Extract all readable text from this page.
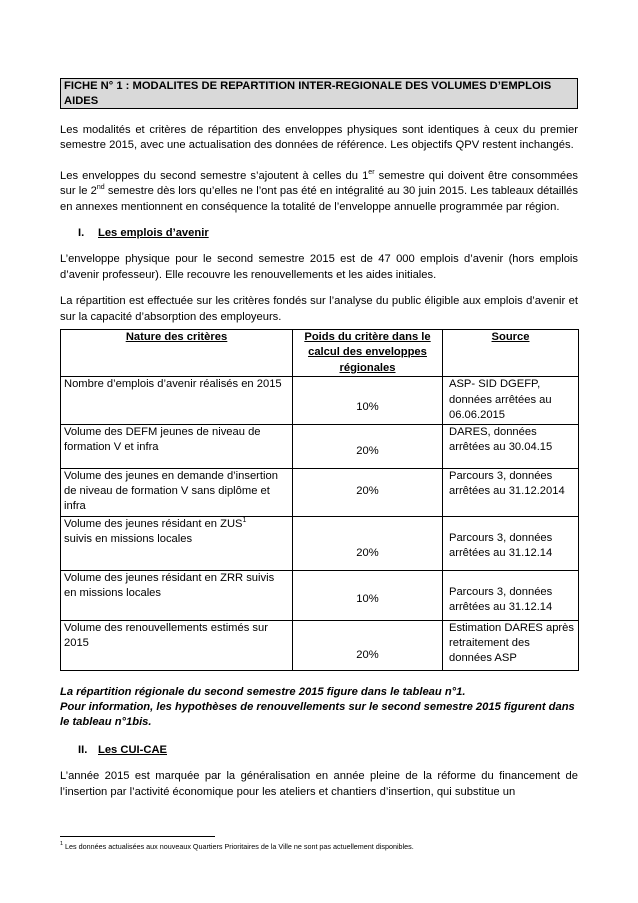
FICHE N° 1 : MODALITES DE REPARTITION INTER-REGIONALE DES VOLUMES D’EMPLOIS AIDES

Les modalités et critères de répartition des enveloppes physiques sont identiques à ceux du premier semestre 2015, avec une actualisation des données de référence. Les objectifs QPV restent inchangés.

Les enveloppes du second semestre s’ajoutent à celles du 1er semestre qui doivent être consommées sur le 2nd semestre dès lors qu’elles ne l’ont pas été en intégralité au 30 juin 2015. Les tableaux détaillés en annexes mentionnent en conséquence la totalité de l’enveloppe annuelle programmée par région.

I. Les emplois d’avenir

L’enveloppe physique pour le second semestre 2015 est de 47 000 emplois d’avenir (hors emplois d’avenir professeur). Elle recouvre les renouvellements et les aides initiales.

La répartition est effectuée sur les critères fondés sur l’analyse du public éligible aux emplois d’avenir et sur la capacité d’absorption des employeurs.

Nature des critères	Poids du critère dans le calcul des enveloppes régionales	Source
Nombre d’emplois d’avenir réalisés en 2015	10%	ASP- SID DGEFP, données arrêtées au 06.06.2015
Volume des DEFM jeunes de niveau de formation V et infra	20%	DARES, données arrêtées au 30.04.15
Volume des jeunes en demande d’insertion de niveau de formation V sans diplôme et infra	20%	Parcours 3, données arrêtées au 31.12.2014
Volume des jeunes résidant en ZUS$^1$
suivis en missions locales	20%	Parcours 3, données arrêtées au 31.12.14
Volume des jeunes résidant en ZRR suivis en missions locales	10%	Parcours 3, données arrêtées au 31.12.14
Volume des renouvellements estimés sur 2015	20%	Estimation DARES après retraitement des données ASP

La répartition régionale du second semestre 2015 figure dans le tableau n°1.

Pour information, les hypothèses de renouvellements sur le second semestre 2015 figurent dans le tableau n°1bis.

II. Les CUI-CAE

L’année 2015 est marquée par la généralisation en année pleine de la réforme du financement de l’insertion par l’activité économique pour les ateliers et chantiers d’insertion, qui substitue un

$^1$ Les données actualisées aux nouveaux Quartiers Prioritaires de la Ville ne sont pas actuellement disponibles.
